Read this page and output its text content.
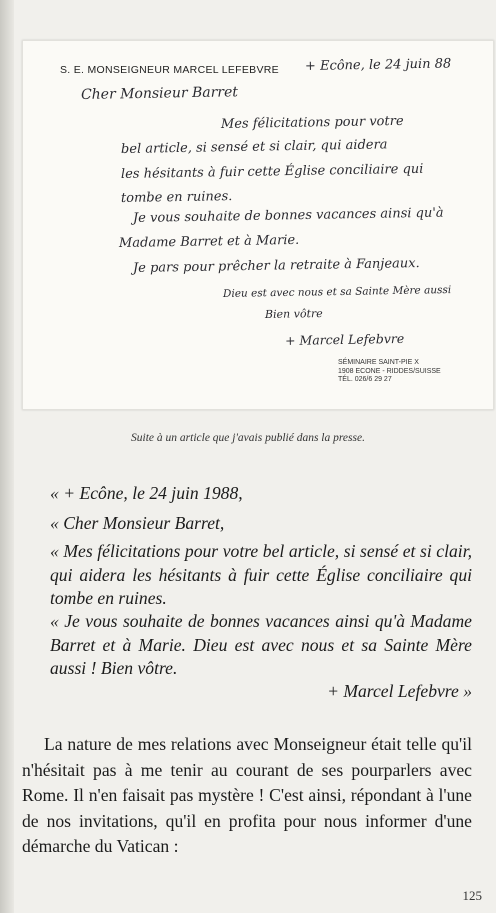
S. E. MONSEIGNEUR MARCEL LEFEBVRE + Ecône, le 24 juin 88
Cher Monsieur Barret
Mes félicitations pour votre
bel article, si sensé et si clair, qui aidera
les hésitants à fuir cette Église conciliaire qui
tombe en ruines.
Je vous souhaite de bonnes vacances ainsi qu'à
Madame Barret et à Marie.
Je pars pour prêcher la retraite à Fanjeaux.
Dieu est avec nous et sa Sainte Mère aussi
Bien vôtre
+ Marcel Lefebvre
SÉMINAIRE SAINT-PIE X
1908 ECONE - RIDDES/SUISSE
TÉL. 026/6 29 27
Suite à un article que j'avais publié dans la presse.
« + Ecône, le 24 juin 1988,
« Cher Monsieur Barret,
« Mes félicitations pour votre bel article, si sensé et si clair, qui aidera les hésitants à fuir cette Église conciliaire qui tombe en ruines.
« Je vous souhaite de bonnes vacances ainsi qu'à Madame Barret et à Marie. Dieu est avec nous et sa Sainte Mère aussi ! Bien vôtre.
+ Marcel Lefebvre »
La nature de mes relations avec Monseigneur était telle qu'il n'hésitait pas à me tenir au courant de ses pourparlers avec Rome. Il n'en faisait pas mystère ! C'est ainsi, répondant à l'une de nos invitations, qu'il en profita pour nous informer d'une démarche du Vatican :
125
